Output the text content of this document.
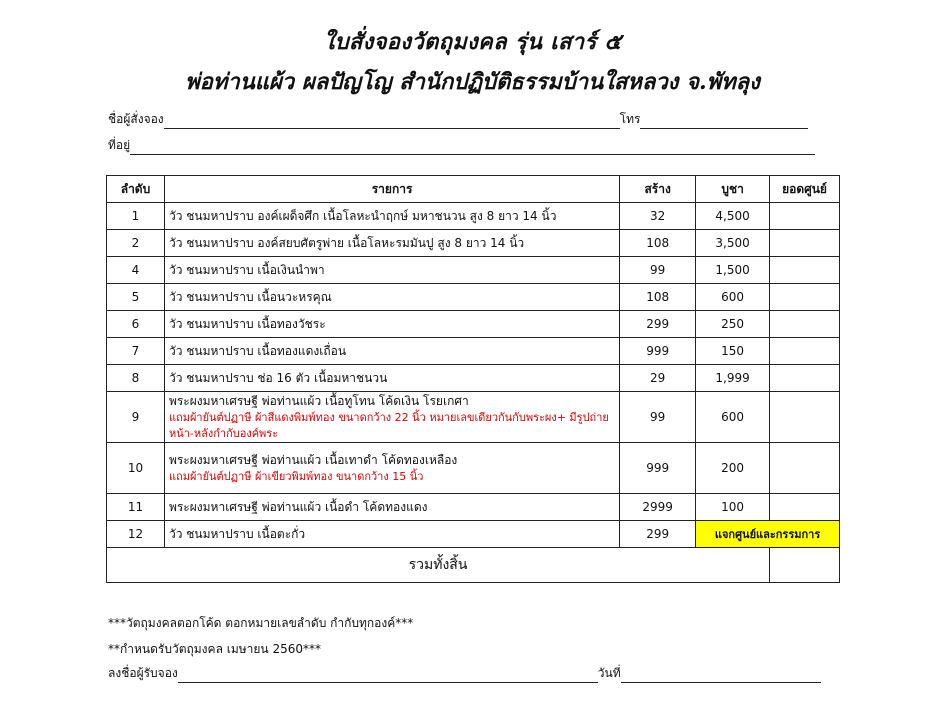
ใบสั่งจองวัตถุมงคล รุ่น เสาร์ ๕
พ่อท่านแผ้ว ผลปัญโญ สำนักปฏิบัติธรรมบ้านใสหลวง จ.พัทลุง
ชื่อผู้สั่งจอง	โทร
ที่อยู่
ลำดับ	รายการ	สร้าง	บูชา	ยอดศูนย์
1	วัว ชนมหาปราบ องค์เผด็จศึก เนื้อโลหะนำฤกษ์ มหาชนวน สูง 8 ยาว 14 นิ้ว	32	4,500	
2	วัว ชนมหาปราบ องค์สยบศัตรูพ่าย เนื้อโลหะรมมันปู สูง 8 ยาว 14 นิ้ว	108	3,500	
4	วัว ชนมหาปราบ เนื้อเงินนำพา	99	1,500	
5	วัว ชนมหาปราบ เนื้อนวะหรคุณ	108	600	
6	วัว ชนมหาปราบ เนื้อทองวัชระ	299	250	
7	วัว ชนมหาปราบ เนื้อทองแดงเถื่อน	999	150	
8	วัว ชนมหาปราบ ช่อ 16 ตัว เนื้อมหาชนวน	29	1,999	
9	พระผงมหาเศรษฐี พ่อท่านแผ้ว เนื้อทูโทน โค้ดเงิน โรยเกศา
แถมผ้ายันต์ปฏาษี ผ้าสีแดงพิมพ์ทอง ขนาดกว้าง 22 นิ้ว หมายเลขเดียวกันกับพระผง+ มีรูปถ่ายหน้า-หลังกำกับองค์พระ	99	600	
10	พระผงมหาเศรษฐี พ่อท่านแผ้ว เนื้อเทาดำ โค้ดทองเหลือง
แถมผ้ายันต์ปฏาษี ผ้าเขียวพิมพ์ทอง ขนาดกว้าง 15 นิ้ว	999	200	
11	พระผงมหาเศรษฐี พ่อท่านแผ้ว เนื้อดำ โค้ดทองแดง	2999	100	
12	วัว ชนมหาปราบ เนื้อตะกั่ว	299	แจกศูนย์และกรรมการ	
รวมทั้งสิ้น				
***วัตถุมงคลตอกโค้ด ตอกหมายเลขลำดับ กำกับทุกองค์***
**กำหนดรับวัตถุมงคล เมษายน 2560***
ลงชื่อผู้รับจอง	วันที่
